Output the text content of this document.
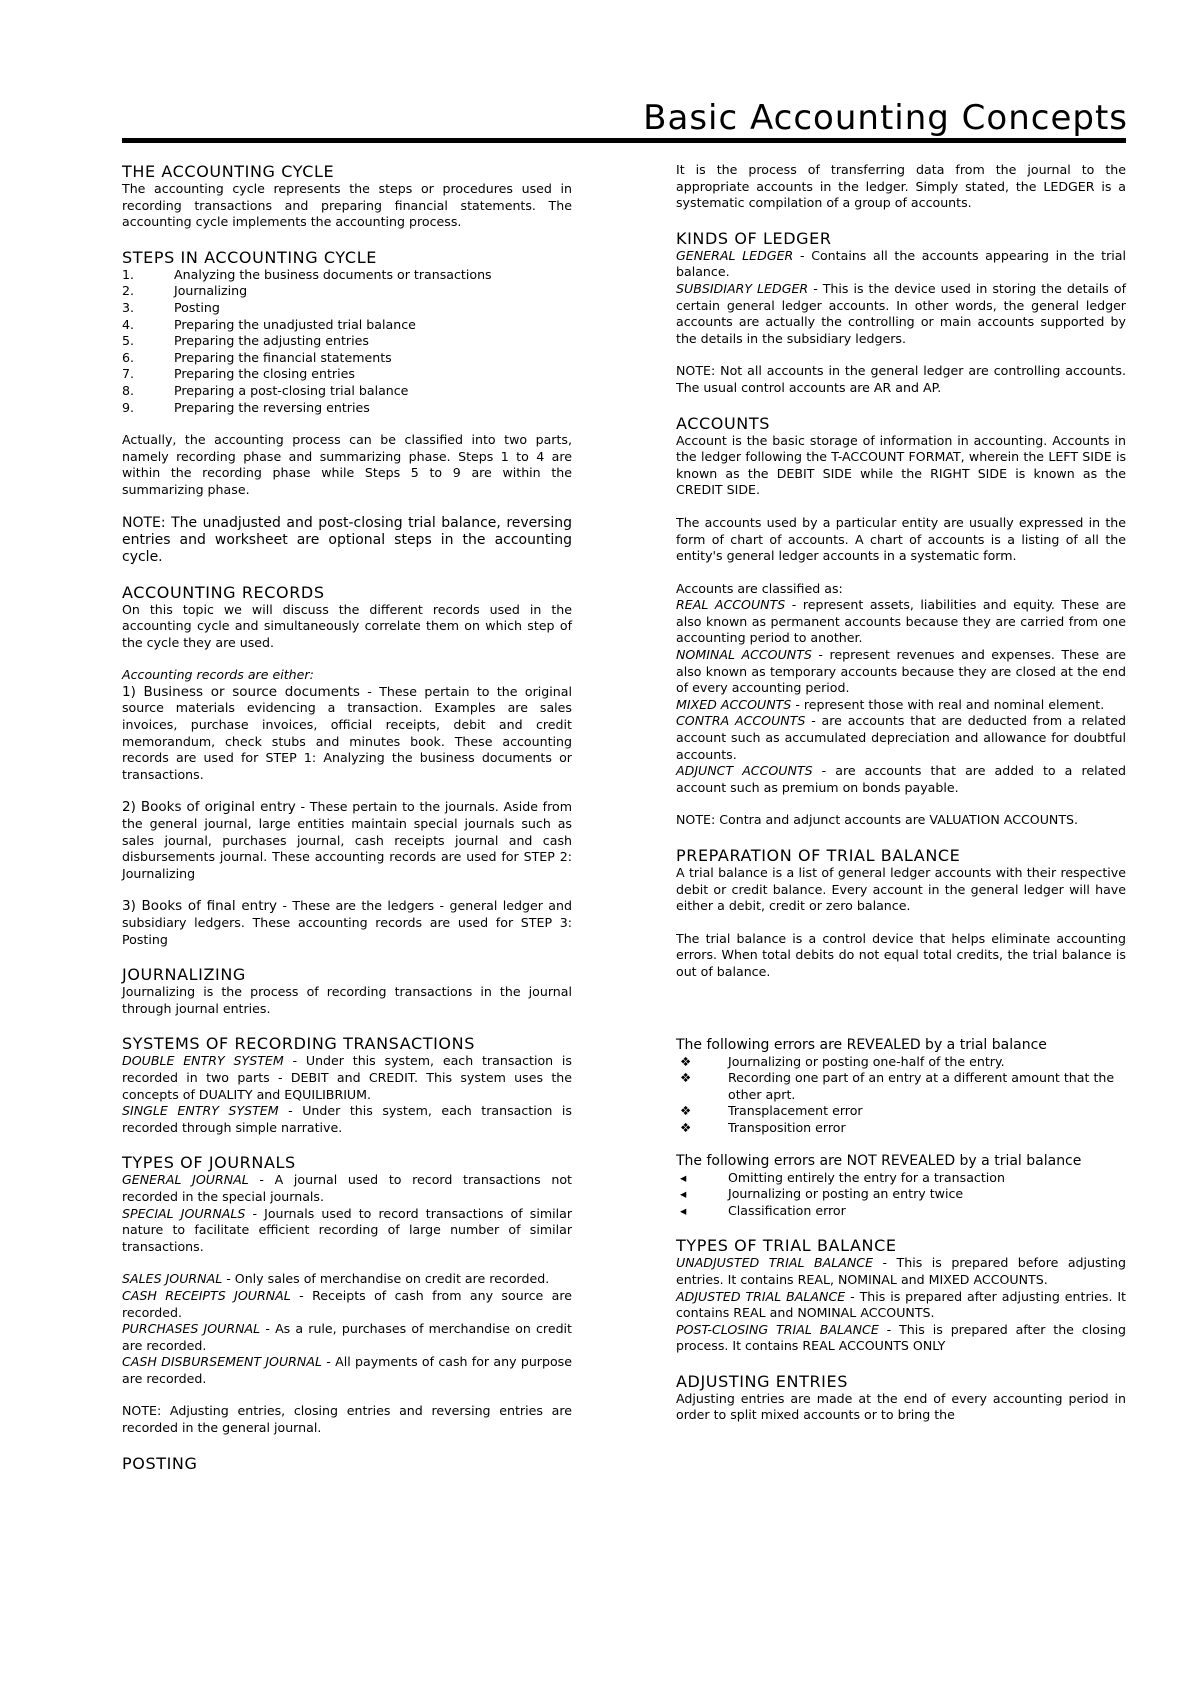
Basic Accounting Concepts
THE ACCOUNTING CYCLE

The accounting cycle represents the steps or procedures used in recording transactions and preparing financial statements. The accounting cycle implements the accounting process.

STEPS IN ACCOUNTING CYCLE
1.	Analyzing the business documents or transactions
2.	Journalizing
3.	Posting
4.	Preparing the unadjusted trial balance
5.	Preparing the adjusting entries
6.	Preparing the financial statements
7.	Preparing the closing entries
8.	Preparing a post-closing trial balance
9.	Preparing the reversing entries

Actually, the accounting process can be classified into two parts, namely recording phase and summarizing phase. Steps 1 to 4 are within the recording phase while Steps 5 to 9 are within the summarizing phase.

NOTE: The unadjusted and post-closing trial balance, reversing entries and worksheet are optional steps in the accounting cycle.

ACCOUNTING RECORDS

On this topic we will discuss the different records used in the accounting cycle and simultaneously correlate them on which step of the cycle they are used.

Accounting records are either:

1) Business or source documents - These pertain to the original source materials evidencing a transaction. Examples are sales invoices, purchase invoices, official receipts, debit and credit memorandum, check stubs and minutes book. These accounting records are used for STEP 1: Analyzing the business documents or transactions.

2) Books of original entry - These pertain to the journals. Aside from the general journal, large entities maintain special journals such as sales journal, purchases journal, cash receipts journal and cash disbursements journal. These accounting records are used for STEP 2: Journalizing

3) Books of final entry - These are the ledgers - general ledger and subsidiary ledgers. These accounting records are used for STEP 3: Posting

JOURNALIZING

Journalizing is the process of recording transactions in the journal through journal entries.

SYSTEMS OF RECORDING TRANSACTIONS

DOUBLE ENTRY SYSTEM - Under this system, each transaction is recorded in two parts - DEBIT and CREDIT. This system uses the concepts of DUALITY and EQUILIBRIUM.

SINGLE ENTRY SYSTEM - Under this system, each transaction is recorded through simple narrative.

TYPES OF JOURNALS

GENERAL JOURNAL - A journal used to record transactions not recorded in the special journals.

SPECIAL JOURNALS - Journals used to record transactions of similar nature to facilitate efficient recording of large number of similar transactions.

SALES JOURNAL - Only sales of merchandise on credit are recorded.

CASH RECEIPTS JOURNAL - Receipts of cash from any source are recorded.

PURCHASES JOURNAL - As a rule, purchases of merchandise on credit are recorded.

CASH DISBURSEMENT JOURNAL - All payments of cash for any purpose are recorded.

NOTE: Adjusting entries, closing entries and reversing entries are recorded in the general journal.

POSTING

It is the process of transferring data from the journal to the appropriate accounts in the ledger. Simply stated, the LEDGER is a systematic compilation of a group of accounts.

KINDS OF LEDGER

GENERAL LEDGER - Contains all the accounts appearing in the trial balance.

SUBSIDIARY LEDGER - This is the device used in storing the details of certain general ledger accounts. In other words, the general ledger accounts are actually the controlling or main accounts supported by the details in the subsidiary ledgers.

NOTE: Not all accounts in the general ledger are controlling accounts. The usual control accounts are AR and AP.

ACCOUNTS

Account is the basic storage of information in accounting. Accounts in the ledger following the T-ACCOUNT FORMAT, wherein the LEFT SIDE is known as the DEBIT SIDE while the RIGHT SIDE is known as the CREDIT SIDE.

The accounts used by a particular entity are usually expressed in the form of chart of accounts. A chart of accounts is a listing of all the entity's general ledger accounts in a systematic form.

Accounts are classified as:

REAL ACCOUNTS - represent assets, liabilities and equity. These are also known as permanent accounts because they are carried from one accounting period to another.

NOMINAL ACCOUNTS - represent revenues and expenses. These are also known as temporary accounts because they are closed at the end of every accounting period.

MIXED ACCOUNTS - represent those with real and nominal element.

CONTRA ACCOUNTS - are accounts that are deducted from a related account such as accumulated depreciation and allowance for doubtful accounts.

ADJUNCT ACCOUNTS - are accounts that are added to a related account such as premium on bonds payable.

NOTE: Contra and adjunct accounts are VALUATION ACCOUNTS.

PREPARATION OF TRIAL BALANCE

A trial balance is a list of general ledger accounts with their respective debit or credit balance. Every account in the general ledger will have either a debit, credit or zero balance.

The trial balance is a control device that helps eliminate accounting errors. When total debits do not equal total credits, the trial balance is out of balance.

The following errors are REVEALED by a trial balance

❖	Journalizing or posting one-half of the entry.
❖	Recording one part of an entry at a different amount that the other aprt.
❖	Transplacement error
❖	Transposition error

The following errors are NOT REVEALED by a trial balance

◂	Omitting entirely the entry for a transaction
◂	Journalizing or posting an entry twice
◂	Classification error
TYPES OF TRIAL BALANCE

UNADJUSTED TRIAL BALANCE - This is prepared before adjusting entries. It contains REAL, NOMINAL and MIXED ACCOUNTS.

ADJUSTED TRIAL BALANCE - This is prepared after adjusting entries. It contains REAL and NOMINAL ACCOUNTS.

POST-CLOSING TRIAL BALANCE - This is prepared after the closing process. It contains REAL ACCOUNTS ONLY

ADJUSTING ENTRIES

Adjusting entries are made at the end of every accounting period in order to split mixed accounts or to bring the
